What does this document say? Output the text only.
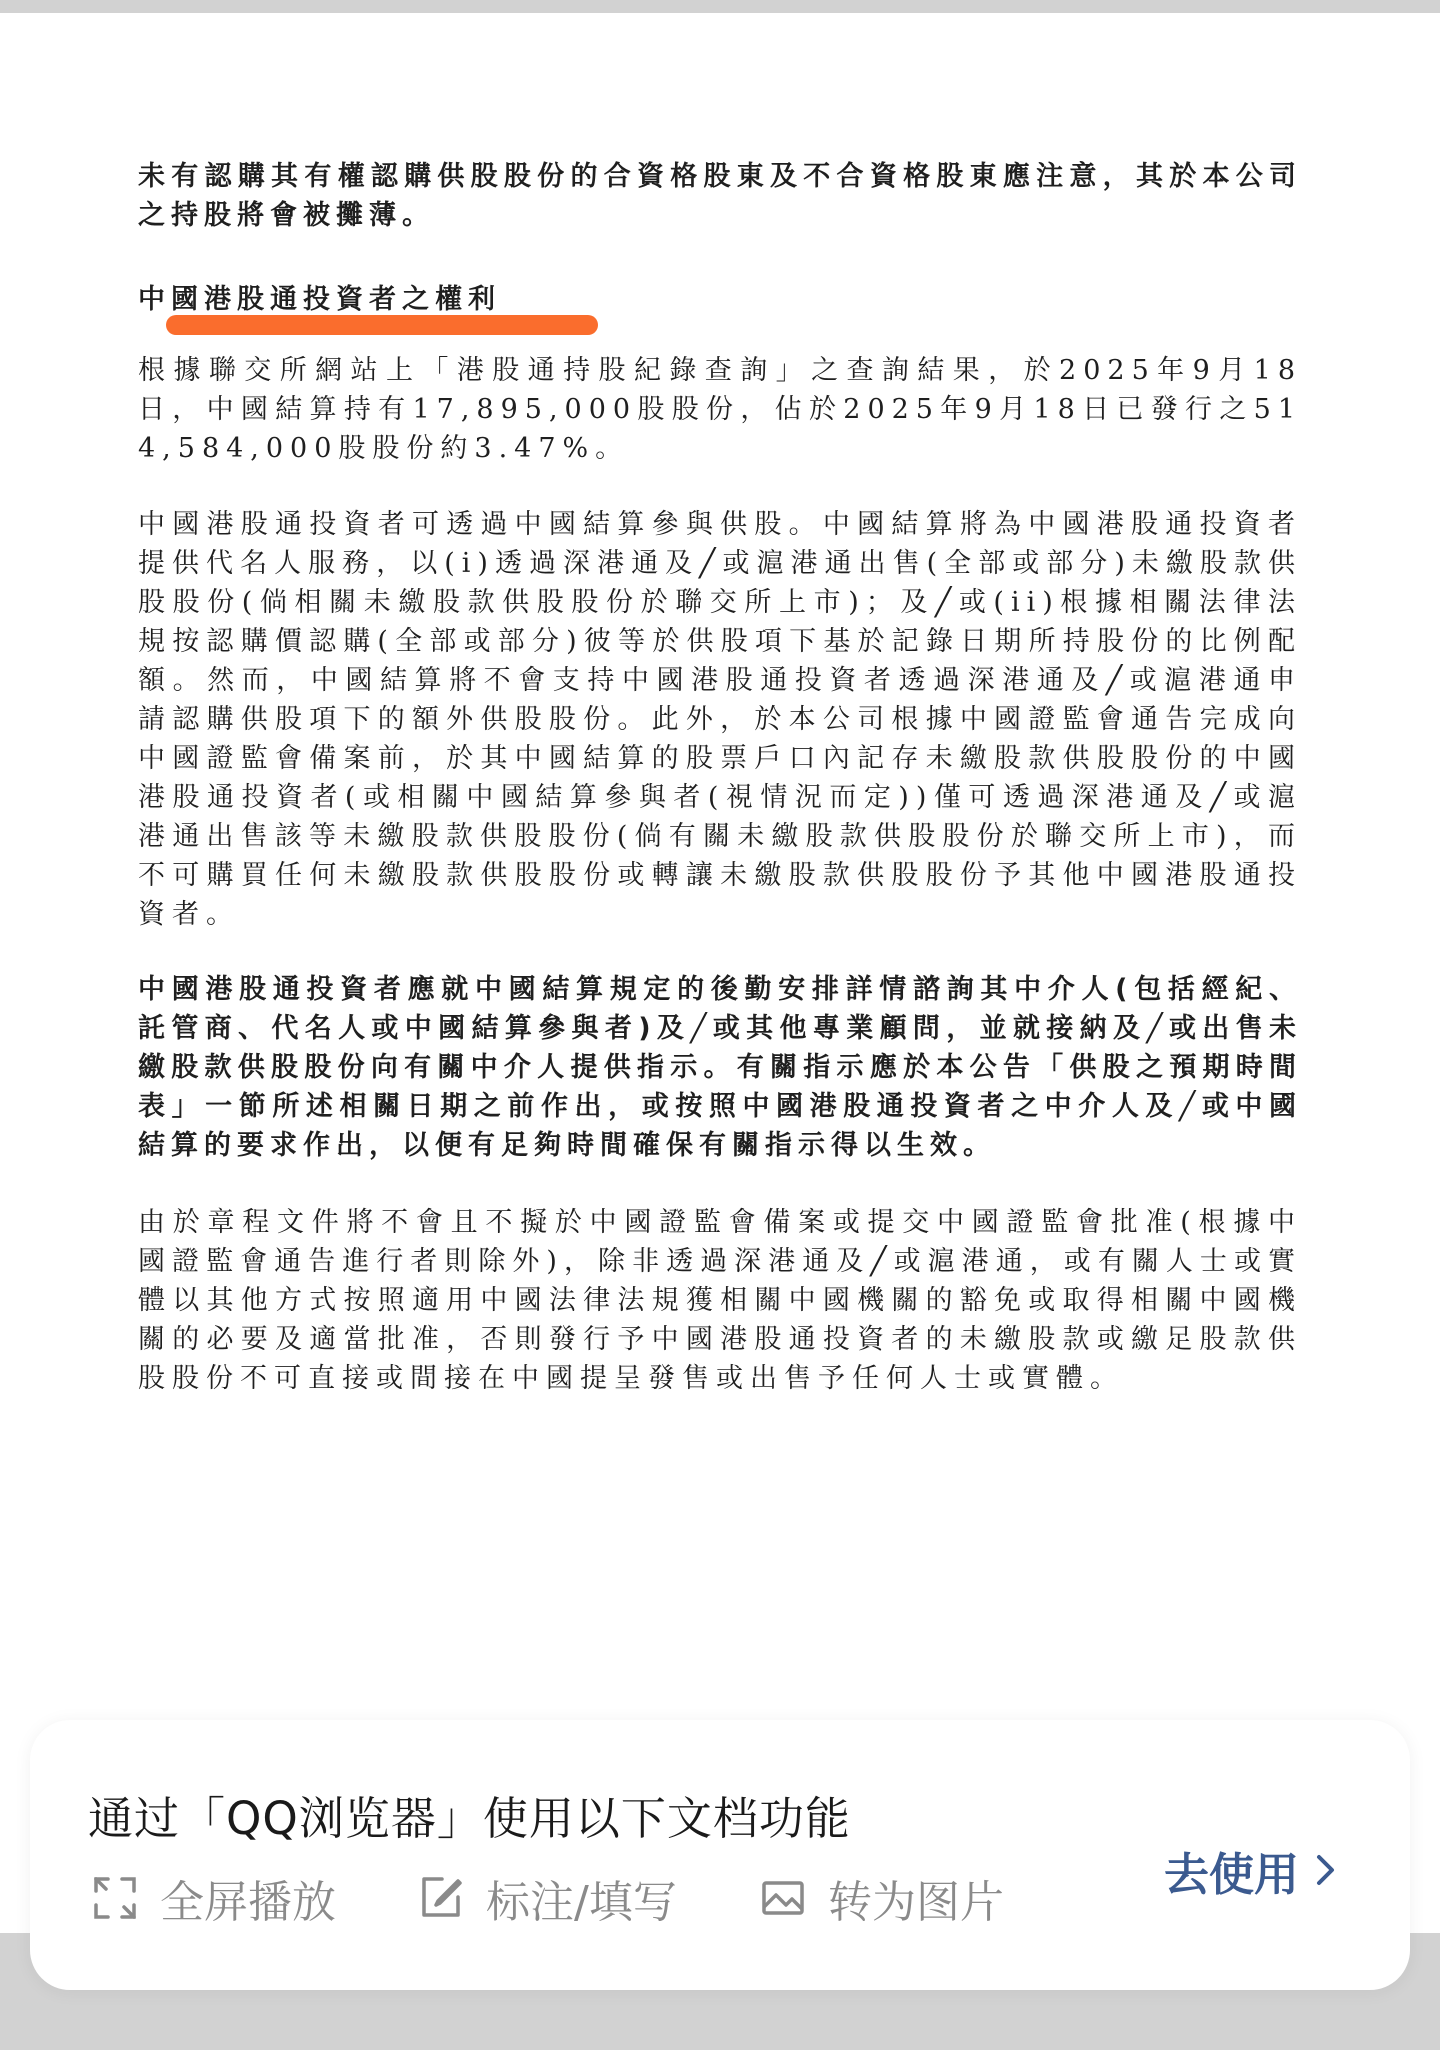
未有認購其有權認購供股股份的合資格股東及不合資格股東應注意，其於本公司之持股將會被攤薄。

中國港股通投資者之權利

根據聯交所網站上「港股通持股紀錄查詢」之查詢結果，於2025年9月18日，中國結算持有17,895,000股股份，佔於2025年9月18日已發行之514,584,000股股份約3.47%。

中國港股通投資者可透過中國結算參與供股。中國結算將為中國港股通投資者提供代名人服務，以(i)透過深港通及╱或滬港通出售(全部或部分)未繳股款供股股份(倘相關未繳股款供股股份於聯交所上市)；及╱或(ii)根據相關法律法規按認購價認購(全部或部分)彼等於供股項下基於記錄日期所持股份的比例配額。然而，中國結算將不會支持中國港股通投資者透過深港通及╱或滬港通申請認購供股項下的額外供股股份。此外，於本公司根據中國證監會通告完成向中國證監會備案前，於其中國結算的股票戶口內記存未繳股款供股股份的中國港股通投資者(或相關中國結算參與者(視情況而定))僅可透過深港通及╱或滬港通出售該等未繳股款供股股份(倘有關未繳股款供股股份於聯交所上市)，而不可購買任何未繳股款供股股份或轉讓未繳股款供股股份予其他中國港股通投資者。

中國港股通投資者應就中國結算規定的後勤安排詳情諮詢其中介人(包括經紀、託管商、代名人或中國結算參與者)及╱或其他專業顧問，並就接納及╱或出售未繳股款供股股份向有關中介人提供指示。有關指示應於本公告「供股之預期時間表」一節所述相關日期之前作出，或按照中國港股通投資者之中介人及╱或中國結算的要求作出，以便有足夠時間確保有關指示得以生效。

由於章程文件將不會且不擬於中國證監會備案或提交中國證監會批准(根據中國證監會通告進行者則除外)，除非透過深港通及╱或滬港通，或有關人士或實體以其他方式按照適用中國法律法規獲相關中國機關的豁免或取得相關中國機關的必要及適當批准，否則發行予中國港股通投資者的未繳股款或繳足股款供股股份不可直接或間接在中國提呈發售或出售予任何人士或實體。

通过「QQ浏览器」使用以下文档功能
全屏播放	标注/填写	转为图片
去使用
